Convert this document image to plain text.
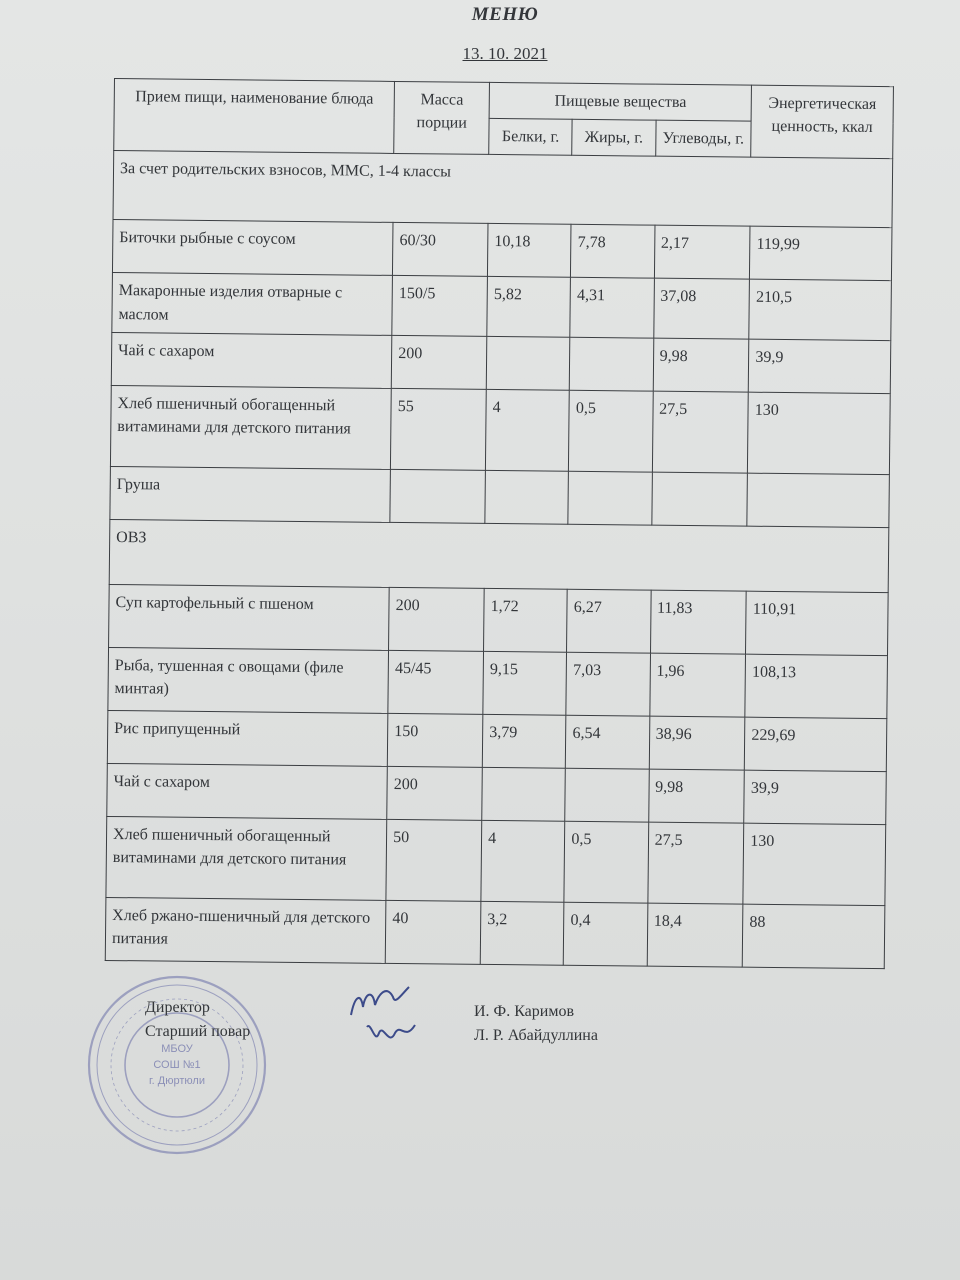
МЕНЮ
13. 10. 2021
Прием пищи, наименование блюда	Масса порции	Пищевые вещества			Энергетическая ценность, ккал
		Белки, г.	Жиры, г.	Углеводы, г.	
За счет родительских взносов, ММС, 1-4 классы					
Биточки рыбные с соусом	60/30	10,18	7,78	2,17	119,99
Макаронные изделия отварные с маслом	150/5	5,82	4,31	37,08	210,5
Чай с сахаром	200			9,98	39,9
Хлеб пшеничный обогащенный витаминами для детского питания	55	4	0,5	27,5	130
Груша					
ОВЗ					
Суп картофельный с пшеном	200	1,72	6,27	11,83	110,91
Рыба, тушенная с овощами (филе минтая)	45/45	9,15	7,03	1,96	108,13
Рис припущенный	150	3,79	6,54	38,96	229,69
Чай с сахаром	200			9,98	39,9
Хлеб пшеничный обогащенный витаминами для детского питания	50	4	0,5	27,5	130
Хлеб ржано-пшеничный для детского питания	40	3,2	0,4	18,4	88
МБОУ
СОШ №1
г. Дюртюли
Директор
Старший повар
И. Ф. Каримов
Л. Р. Абайдуллина
